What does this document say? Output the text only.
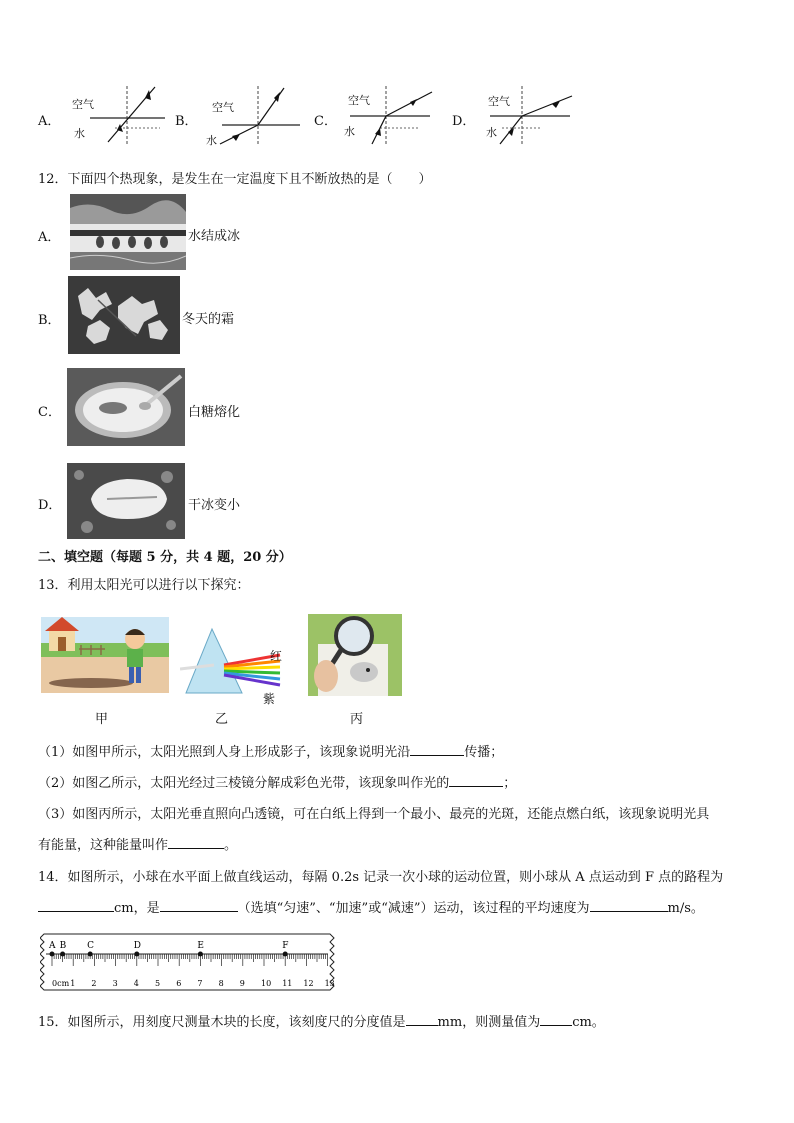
A．
空气
水
B．
空气
水
C．
空气
水
D．
空气
水
12．下面四个热现象，是发生在一定温度下且不断放热的是（　　）
A．	水结成冰
B．	冬天的霜
C．	白糖熔化
D．	干冰变小
二、填空题（每题 5 分，共 4 题，20 分）
13．利用太阳光可以进行以下探究：
甲
红
紫
乙	丙
（1）如图甲所示，太阳光照到人身上形成影子，该现象说明光沿	传播；
（2）如图乙所示，太阳光经过三棱镜分解成彩色光带，该现象叫作光的	；
（3）如图丙所示，太阳光垂直照向凸透镜，可在白纸上得到一个最小、最亮的光斑，还能点燃白纸，该现象说明光具
有能量，这种能量叫作	。
14．如图所示，小球在水平面上做直线运动，每隔 0.2s 记录一次小球的运动位置，则小球从 A 点运动到 F 点的路程为
cm，是	（选填“匀速”、“加速”或“减速”）运动，该过程的平均速度为	m/s。
0cm 1 2 3 4 5 6 7 8 9 10 11 12 13
A B C	D	E	F
15．如图所示，用刻度尺测量木块的长度，该刻度尺的分度值是 mm，则测量值为 cm。
